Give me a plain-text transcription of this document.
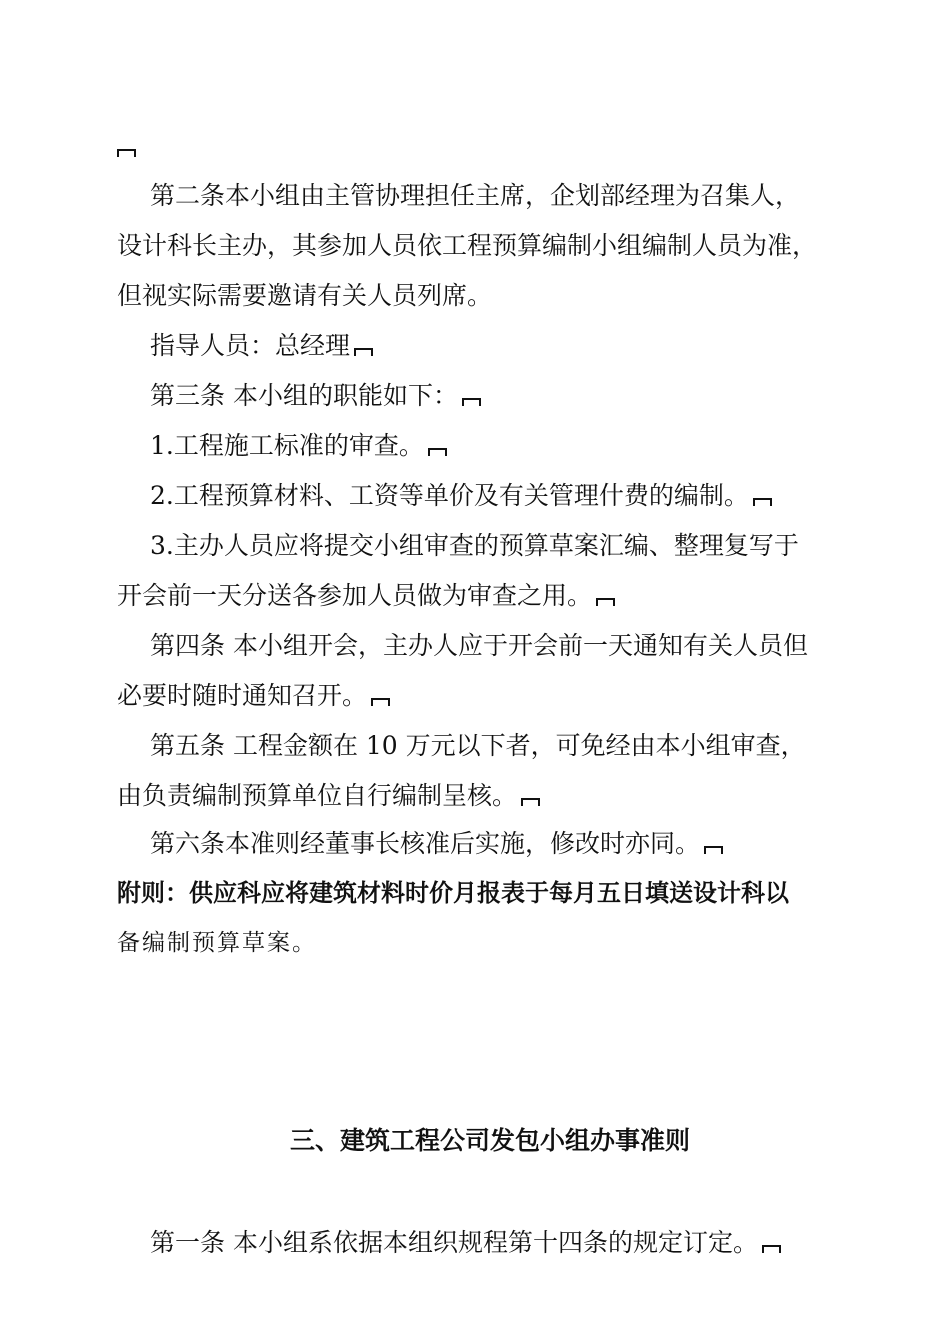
第二条本小组由主管协理担任主席，企划部经理为召集人，

设计科长主办，其参加人员依工程预算编制小组编制人员为准，

但视实际需要邀请有关人员列席。

指导人员：总经理

第三条 本小组的职能如下：

1.工程施工标准的审查。

2.工程预算材料、工资等单价及有关管理什费的编制。

3.主办人员应将提交小组审查的预算草案汇编、整理复写于

开会前一天分送各参加人员做为审查之用。

第四条 本小组开会，主办人应于开会前一天通知有关人员但

必要时随时通知召开。

第五条 工程金额在 10 万元以下者，可免经由本小组审查，

由负责编制预算单位自行编制呈核。

第六条本准则经董事长核准后实施，修改时亦同。

附则：供应科应将建筑材料时价月报表于每月五日填送设计科以

备编制预算草案。

三、建筑工程公司发包小组办事准则

第一条 本小组系依据本组织规程第十四条的规定订定。
